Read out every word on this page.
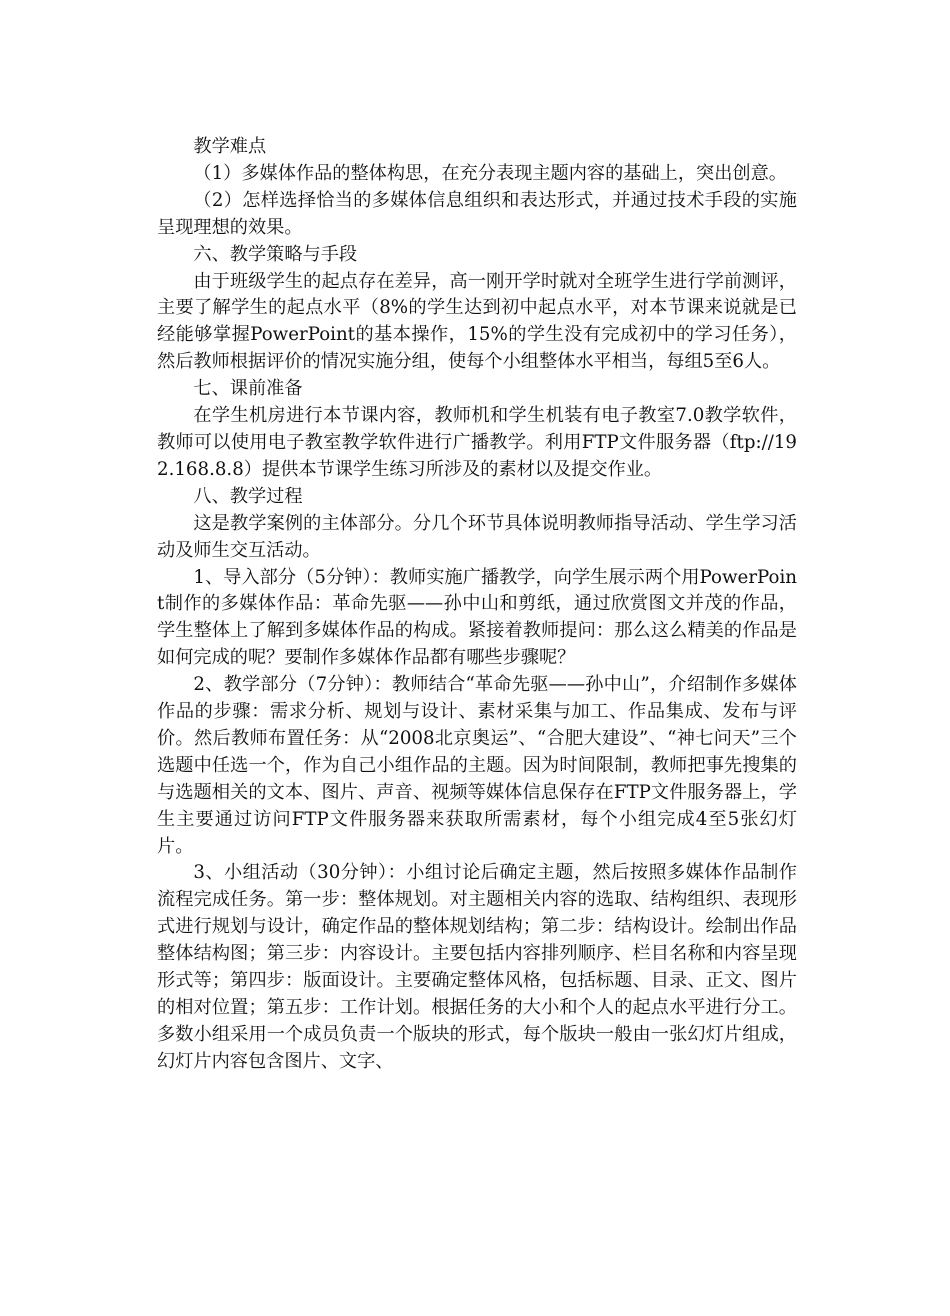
教学难点

（1）多媒体作品的整体构思，在充分表现主题内容的基础上，突出创意。

（2）怎样选择恰当的多媒体信息组织和表达形式，并通过技术手段的实施呈现理想的效果。

六、教学策略与手段

由于班级学生的起点存在差异，高一刚开学时就对全班学生进行学前测评，主要了解学生的起点水平（8%的学生达到初中起点水平，对本节课来说就是已经能够掌握PowerPoint的基本操作，15%的学生没有完成初中的学习任务），然后教师根据评价的情况实施分组，使每个小组整体水平相当，每组5至6人。

七、课前准备

在学生机房进行本节课内容，教师机和学生机装有电子教室7.0教学软件，教师可以使用电子教室教学软件进行广播教学。利用FTP文件服务器（ftp://192.168.8.8）提供本节课学生练习所涉及的素材以及提交作业。

八、教学过程

这是教学案例的主体部分。分几个环节具体说明教师指导活动、学生学习活动及师生交互活动。

1、导入部分（5分钟）：教师实施广播教学，向学生展示两个用PowerPoint制作的多媒体作品：革命先驱——孙中山和剪纸，通过欣赏图文并茂的作品，学生整体上了解到多媒体作品的构成。紧接着教师提问：那么这么精美的作品是如何完成的呢？要制作多媒体作品都有哪些步骤呢？

2、教学部分（7分钟）：教师结合“革命先驱——孙中山”，介绍制作多媒体作品的步骤：需求分析、规划与设计、素材采集与加工、作品集成、发布与评价。然后教师布置任务：从“2008北京奥运”、“合肥大建设”、“神七问天”三个选题中任选一个，作为自己小组作品的主题。因为时间限制，教师把事先搜集的与选题相关的文本、图片、声音、视频等媒体信息保存在FTP文件服务器上，学生主要通过访问FTP文件服务器来获取所需素材，每个小组完成4至5张幻灯片。

3、小组活动（30分钟）：小组讨论后确定主题，然后按照多媒体作品制作流程完成任务。第一步：整体规划。对主题相关内容的选取、结构组织、表现形式进行规划与设计，确定作品的整体规划结构；第二步：结构设计。绘制出作品整体结构图；第三步：内容设计。主要包括内容排列顺序、栏目名称和内容呈现形式等；第四步：版面设计。主要确定整体风格，包括标题、目录、正文、图片的相对位置；第五步：工作计划。根据任务的大小和个人的起点水平进行分工。多数小组采用一个成员负责一个版块的形式，每个版块一般由一张幻灯片组成，幻灯片内容包含图片、文字、
